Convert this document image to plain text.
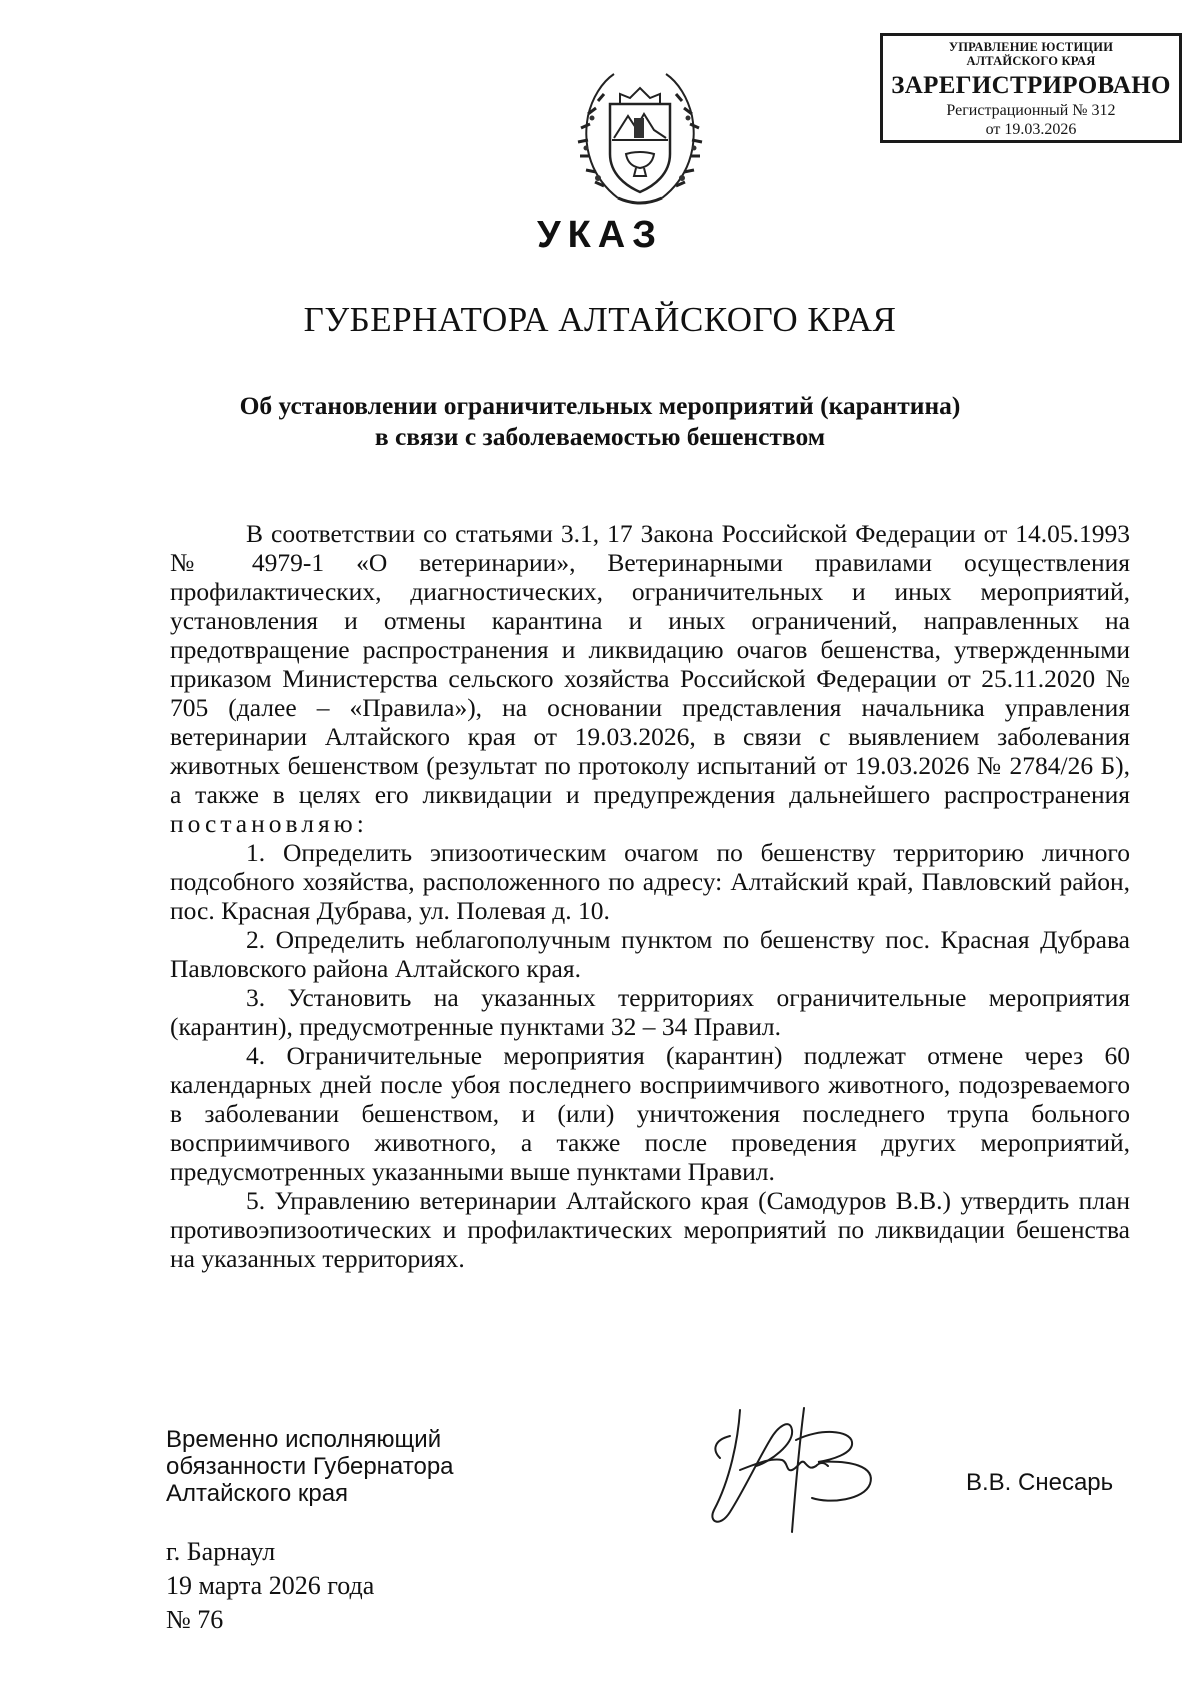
УПРАВЛЕНИЕ ЮСТИЦИИ
АЛТАЙСКОГО КРАЯ
ЗАРЕГИСТРИРОВАНО
Регистрационный № 312
от 19.03.2026
УКАЗ
ГУБЕРНАТОРА АЛТАЙСКОГО КРАЯ
Об установлении ограничительных мероприятий (карантина)
в связи с заболеваемостью бешенством

В соответствии со статьями 3.1, 17 Закона Российской Федерации от 14.05.1993 № 4979-1 «О ветеринарии», Ветеринарными правилами осуществления профилактических, диагностических, ограничительных и иных мероприятий, установления и отмены карантина и иных ограничений, направленных на предотвращение распространения и ликвидацию очагов бешенства, утвержденными приказом Министерства сельского хозяйства Российской Федерации от 25.11.2020 № 705 (далее – «Правила»), на основании представления начальника управления ветеринарии Алтайского края от 19.03.2026, в связи с выявлением заболевания животных бешенством (результат по протоколу испытаний от 19.03.2026 № 2784/26 Б), а также в целях его ликвидации и предупреждения дальнейшего распространения

постановляю:

1. Определить эпизоотическим очагом по бешенству территорию личного подсобного хозяйства, расположенного по адресу: Алтайский край, Павловский район, пос. Красная Дубрава, ул. Полевая д. 10.

2. Определить неблагополучным пунктом по бешенству пос. Красная Дубрава Павловского района Алтайского края.

3. Установить на указанных территориях ограничительные мероприятия (карантин), предусмотренные пунктами 32 – 34 Правил.

4. Ограничительные мероприятия (карантин) подлежат отмене через 60 календарных дней после убоя последнего восприимчивого животного, подозреваемого в заболевании бешенством, и (или) уничтожения последнего трупа больного восприимчивого животного, а также после проведения других мероприятий, предусмотренных указанными выше пунктами Правил.

5. Управлению ветеринарии Алтайского края (Самодуров В.В.) утвердить план противоэпизоотических и профилактических мероприятий по ликвидации бешенства на указанных территориях.

Временно исполняющий
обязанности Губернатора
Алтайского края	В.В. Снесарь
г. Барнаул
19 марта 2026 года
№ 76
